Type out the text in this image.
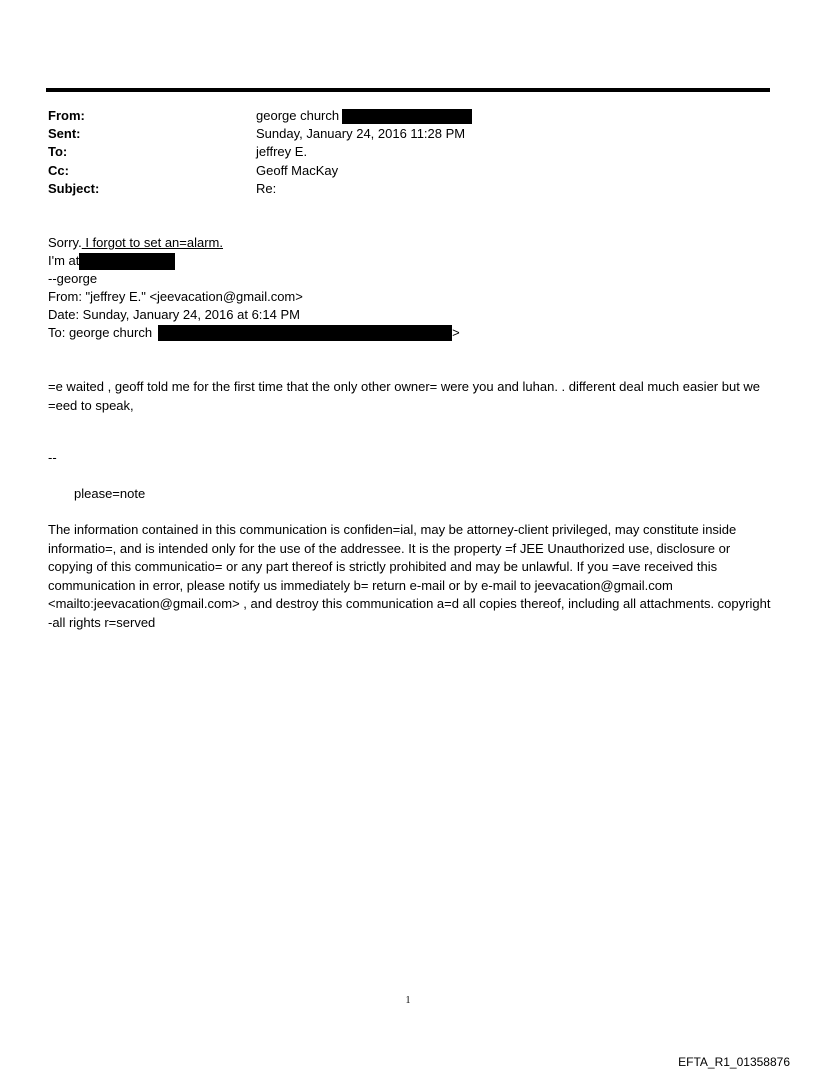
From:	george church
Sent:	Sunday, January 24, 2016 11:28 PM
To:	jeffrey E.
Cc:	Geoff MacKay
Subject:	Re:
Sorry. I forgot to set an=alarm.
I'm at
--george
From: "jeffrey E." <jeevacation@gmail.com>
Date: Sunday, January 24, 2016 at 6:14 PM
To: george church	>
=e waited , geoff told me for the first time that the only other owner= were you and luhan. . different deal much easier but we =eed to speak,
--
please=note
The information contained in this communication is confiden=ial, may be attorney-client privileged, may constitute inside informatio=, and is intended only for the use of the addressee. It is the property =f JEE Unauthorized use, disclosure or copying of this communicatio= or any part thereof is strictly prohibited and may be unlawful. If you =ave received this communication in error, please notify us immediately b= return e-mail or by e-mail to jeevacation@gmail.com <mailto:jeevacation@gmail.com> , and destroy this communication a=d all copies thereof, including all attachments. copyright -all rights r=served
1
EFTA_R1_01358876
